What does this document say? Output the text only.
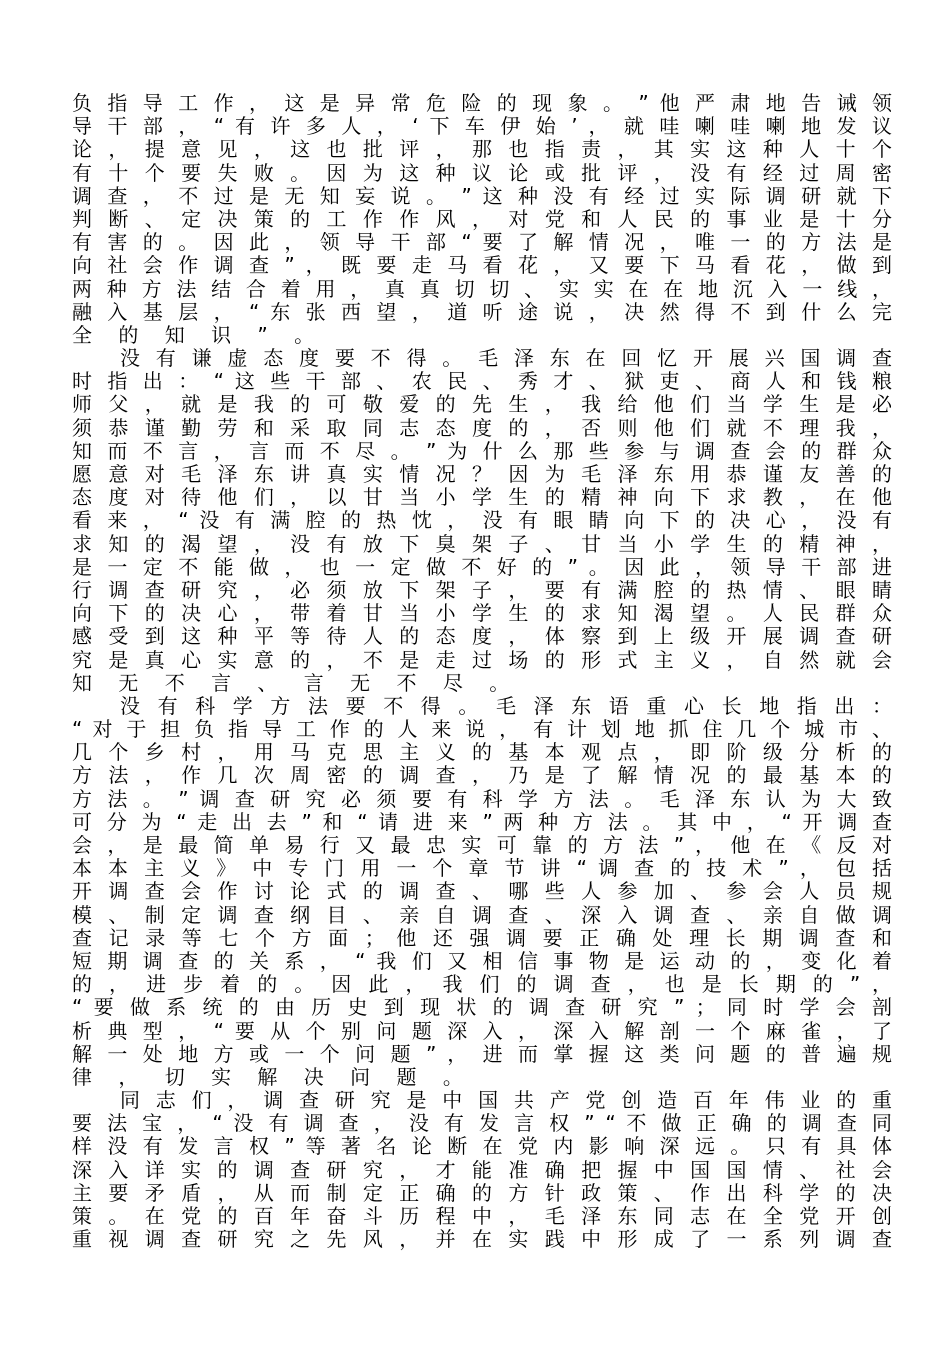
负 指 导 工 作 ， 这 是 异 常 危 险 的 现 象 。 ” 他 严 肃 地 告 诫 领
导 干 部 ， “ 有 许 多 人 ， ‘ 下 车 伊 始 ’ ， 就 哇 喇 哇 喇 地 发 议
论 ， 提 意 见 ， 这 也 批 评 ， 那 也 指 责 ， 其 实 这 种 人 十 个
有 十 个 要 失 败 。 因 为 这 种 议 论 或 批 评 ， 没 有 经 过 周 密
调 查 ， 不 过 是 无 知 妄 说 。 ” 这 种 没 有 经 过 实 际 调 研 就 下
判 断 、 定 决 策 的 工 作 作 风 ， 对 党 和 人 民 的 事 业 是 十 分
有 害 的 。 因 此 ， 领 导 干 部 “ 要 了 解 情 况 ， 唯 一 的 方 法 是
向 社 会 作 调 查 ” ， 既 要 走 马 看 花 ， 又 要 下 马 看 花 ， 做 到
两 种 方 法 结 合 着 用 ， 真 真 切 切 、 实 实 在 在 地 沉 入 一 线 ，
融 入 基 层 ， “ 东 张 西 望 ， 道 听 途 说 ， 决 然 得 不 到 什 么 完
全 的 知 识 ” 。
没 有 谦 虚 态 度 要 不 得 。 毛 泽 东 在 回 忆 开 展 兴 国 调 查
时 指 出 ： “ 这 些 干 部 、 农 民 、 秀 才 、 狱 吏 、 商 人 和 钱 粮
师 父 ， 就 是 我 的 可 敬 爱 的 先 生 ， 我 给 他 们 当 学 生 是 必
须 恭 谨 勤 劳 和 采 取 同 志 态 度 的 ， 否 则 他 们 就 不 理 我 ，
知 而 不 言 ， 言 而 不 尽 。 ” 为 什 么 那 些 参 与 调 查 会 的 群 众
愿 意 对 毛 泽 东 讲 真 实 情 况 ？ 因 为 毛 泽 东 用 恭 谨 友 善 的
态 度 对 待 他 们 ， 以 甘 当 小 学 生 的 精 神 向 下 求 教 ， 在 他
看 来 ， “ 没 有 满 腔 的 热 忱 ， 没 有 眼 睛 向 下 的 决 心 ， 没 有
求 知 的 渴 望 ， 没 有 放 下 臭 架 子 、 甘 当 小 学 生 的 精 神 ，
是 一 定 不 能 做 ， 也 一 定 做 不 好 的 ” 。 因 此 ， 领 导 干 部 进
行 调 查 研 究 ， 必 须 放 下 架 子 ， 要 有 满 腔 的 热 情 、 眼 睛
向 下 的 决 心 ， 带 着 甘 当 小 学 生 的 求 知 渴 望 。 人 民 群 众
感 受 到 这 种 平 等 待 人 的 态 度 ， 体 察 到 上 级 开 展 调 查 研
究 是 真 心 实 意 的 ， 不 是 走 过 场 的 形 式 主 义 ， 自 然 就 会
知 无 不 言 、 言 无 不 尽 。
没 有 科 学 方 法 要 不 得 。 毛 泽 东 语 重 心 长 地 指 出 ：
“ 对 于 担 负 指 导 工 作 的 人 来 说 ， 有 计 划 地 抓 住 几 个 城 市 、
几 个 乡 村 ， 用 马 克 思 主 义 的 基 本 观 点 ， 即 阶 级 分 析 的
方 法 ， 作 几 次 周 密 的 调 查 ， 乃 是 了 解 情 况 的 最 基 本 的
方 法 。 ” 调 查 研 究 必 须 要 有 科 学 方 法 。 毛 泽 东 认 为 大 致
可 分 为 “ 走 出 去 ” 和 “ 请 进 来 ” 两 种 方 法 。 其 中 ， “ 开 调 查
会 ， 是 最 简 单 易 行 又 最 忠 实 可 靠 的 方 法 ” ， 他 在 《 反 对
本 本 主 义 》 中 专 门 用 一 个 章 节 讲 “ 调 查 的 技 术 ” ， 包 括
开 调 查 会 作 讨 论 式 的 调 查 、 哪 些 人 参 加 、 参 会 人 员 规
模 、 制 定 调 查 纲 目 、 亲 自 调 查 、 深 入 调 查 、 亲 自 做 调
查 记 录 等 七 个 方 面 ； 他 还 强 调 要 正 确 处 理 长 期 调 查 和
短 期 调 查 的 关 系 ， “ 我 们 又 相 信 事 物 是 运 动 的 ， 变 化 着
的 ， 进 步 着 的 。 因 此 ， 我 们 的 调 查 ， 也 是 长 期 的 ” ，
“ 要 做 系 统 的 由 历 史 到 现 状 的 调 查 研 究 ” ； 同 时 学 会 剖
析 典 型 ， “ 要 从 个 别 问 题 深 入 ， 深 入 解 剖 一 个 麻 雀 ， 了
解 一 处 地 方 或 一 个 问 题 ” ， 进 而 掌 握 这 类 问 题 的 普 遍 规
律 ， 切 实 解 决 问 题 。
同 志 们 ， 调 查 研 究 是 中 国 共 产 党 创 造 百 年 伟 业 的 重
要 法 宝 ， “ 没 有 调 查 ， 没 有 发 言 权 ” “ 不 做 正 确 的 调 查 同
样 没 有 发 言 权 ” 等 著 名 论 断 在 党 内 影 响 深 远 。 只 有 具 体
深 入 详 实 的 调 查 研 究 ， 才 能 准 确 把 握 中 国 国 情 、 社 会
主 要 矛 盾 ， 从 而 制 定 正 确 的 方 针 政 策 、 作 出 科 学 的 决
策 。 在 党 的 百 年 奋 斗 历 程 中 ， 毛 泽 东 同 志 在 全 党 开 创
重 视 调 查 研 究 之 先 风 ， 并 在 实 践 中 形 成 了 一 系 列 调 查
